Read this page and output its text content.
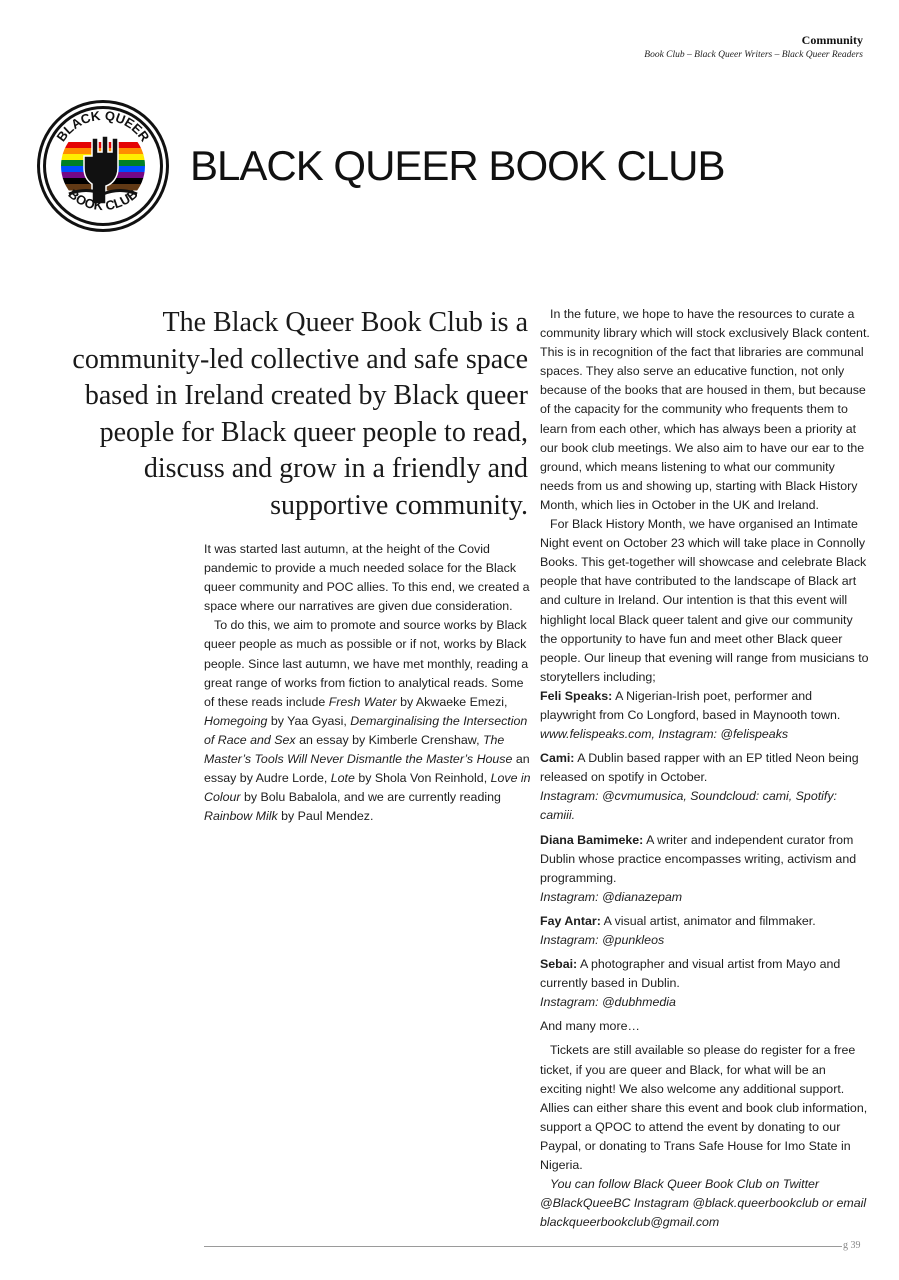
Community
Book Club – Black Queer Writers – Black Queer Readers
BLACK QUEER
BOOK CLUB
BLACK QUEER BOOK CLUB

The Black Queer Book Club is a community-led collective and safe space based in Ireland created by Black queer people for Black queer people to read, discuss and grow in a friendly and supportive community.

It was started last autumn, at the height of the Covid pandemic to provide a much needed solace for the Black queer community and POC allies. To this end, we created a space where our narratives are given due consideration.

To do this, we aim to promote and source works by Black queer people as much as possible or if not, works by Black people. Since last autumn, we have met monthly, reading a great range of works from fiction to analytical reads. Some of these reads include Fresh Water by Akwaeke Emezi, Homegoing by Yaa Gyasi, Demarginalising the Intersection of Race and Sex an essay by Kimberle Crenshaw, The Master’s Tools Will Never Dismantle the Master’s House an essay by Audre Lorde, Lote by Shola Von Reinhold, Love in Colour by Bolu Babalola, and we are currently reading Rainbow Milk by Paul Mendez.

In the future, we hope to have the resources to curate a community library which will stock exclusively Black content. This is in recognition of the fact that libraries are communal spaces. They also serve an educative function, not only because of the books that are housed in them, but because of the capacity for the community who frequents them to learn from each other, which has always been a priority at our book club meetings. We also aim to have our ear to the ground, which means listening to what our community needs from us and showing up, starting with Black History Month, which lies in October in the UK and Ireland.

For Black History Month, we have organised an Intimate Night event on October 23 which will take place in Connolly Books. This get-together will showcase and celebrate Black people that have contributed to the landscape of Black art and culture in Ireland. Our intention is that this event will highlight local Black queer talent and give our community the opportunity to have fun and meet other Black queer people. Our lineup that evening will range from musicians to storytellers including;

Feli Speaks: A Nigerian-Irish poet, performer and playwright from Co Longford, based in Maynooth town.

www.felispeaks.com, Instagram: @felispeaks

Cami: A Dublin based rapper with an EP titled Neon being released on spotify in October.

Instagram: @cvmumusica, Soundcloud: cami, Spotify: camiii.

Diana Bamimeke: A writer and independent curator from Dublin whose practice encompasses writing, activism and programming.

Instagram: @dianazepam

Fay Antar: A visual artist, animator and filmmaker.

Instagram: @punkleos

Sebai: A photographer and visual artist from Mayo and currently based in Dublin.

Instagram: @dubhmedia

And many more…

Tickets are still available so please do register for a free ticket, if you are queer and Black, for what will be an exciting night! We also welcome any additional support. Allies can either share this event and book club information, support a QPOC to attend the event by donating to our Paypal, or donating to Trans Safe House for Imo State in Nigeria.

You can follow Black Queer Book Club on Twitter @BlackQueeBC Instagram @black.queerbookclub or email blackqueerbookclub@gmail.com

g 39
